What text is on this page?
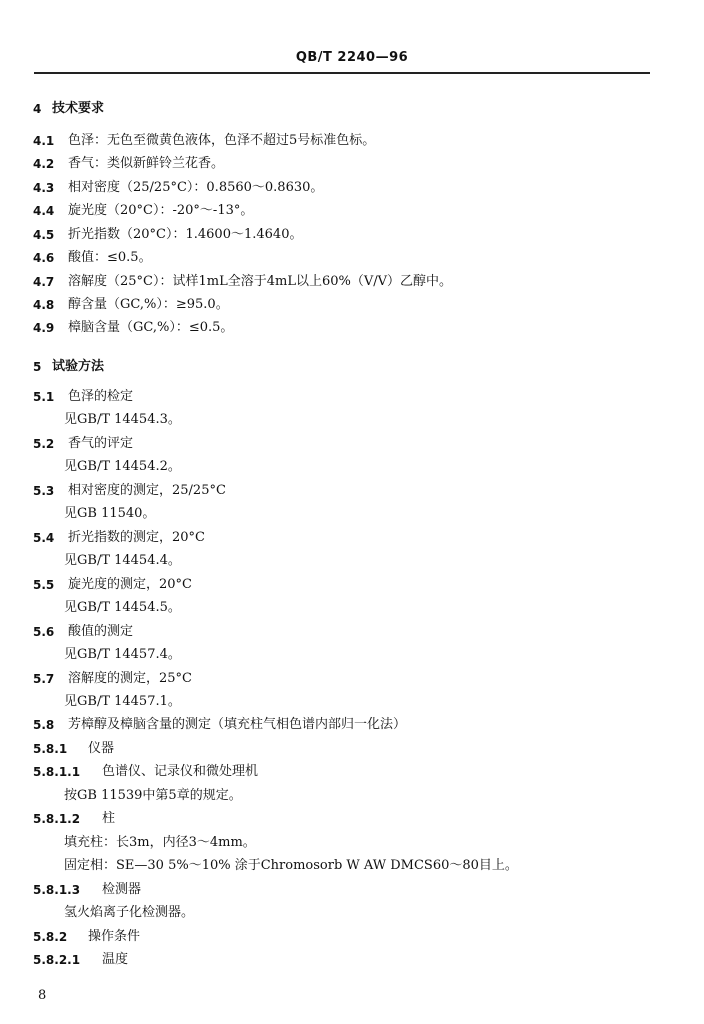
QB/T 2240—96
4 技术要求
4.1 色泽：无色至微黄色液体，色泽不超过5号标准色标。
4.2 香气：类似新鲜铃兰花香。
4.3 相对密度（25/25°C）：0.8560～0.8630。
4.4 旋光度（20°C）：-20°～-13°。
4.5 折光指数（20°C）：1.4600～1.4640。
4.6 酸值：≤0.5。
4.7 溶解度（25°C）：试样1mL全溶于4mL以上60%（V/V）乙醇中。
4.8 醇含量（GC,%）：≥95.0。
4.9 樟脑含量（GC,%）：≤0.5。
5 试验方法
5.1 色泽的检定
见GB/T 14454.3。
5.2 香气的评定
见GB/T 14454.2。
5.3 相对密度的测定，25/25°C
见GB 11540。
5.4 折光指数的测定，20°C
见GB/T 14454.4。
5.5 旋光度的测定，20°C
见GB/T 14454.5。
5.6 酸值的测定
见GB/T 14457.4。
5.7 溶解度的测定，25°C
见GB/T 14457.1。
5.8 芳樟醇及樟脑含量的测定（填充柱气相色谱内部归一化法）
5.8.1 仪器
5.8.1.1 色谱仪、记录仪和微处理机
按GB 11539中第5章的规定。
5.8.1.2 柱
填充柱：长3m，内径3～4mm。
固定相：SE—30 5%～10% 涂于Chromosorb W AW DMCS60～80目上。
5.8.1.3 检测器
氢火焰离子化检测器。
5.8.2 操作条件
5.8.2.1 温度
8
